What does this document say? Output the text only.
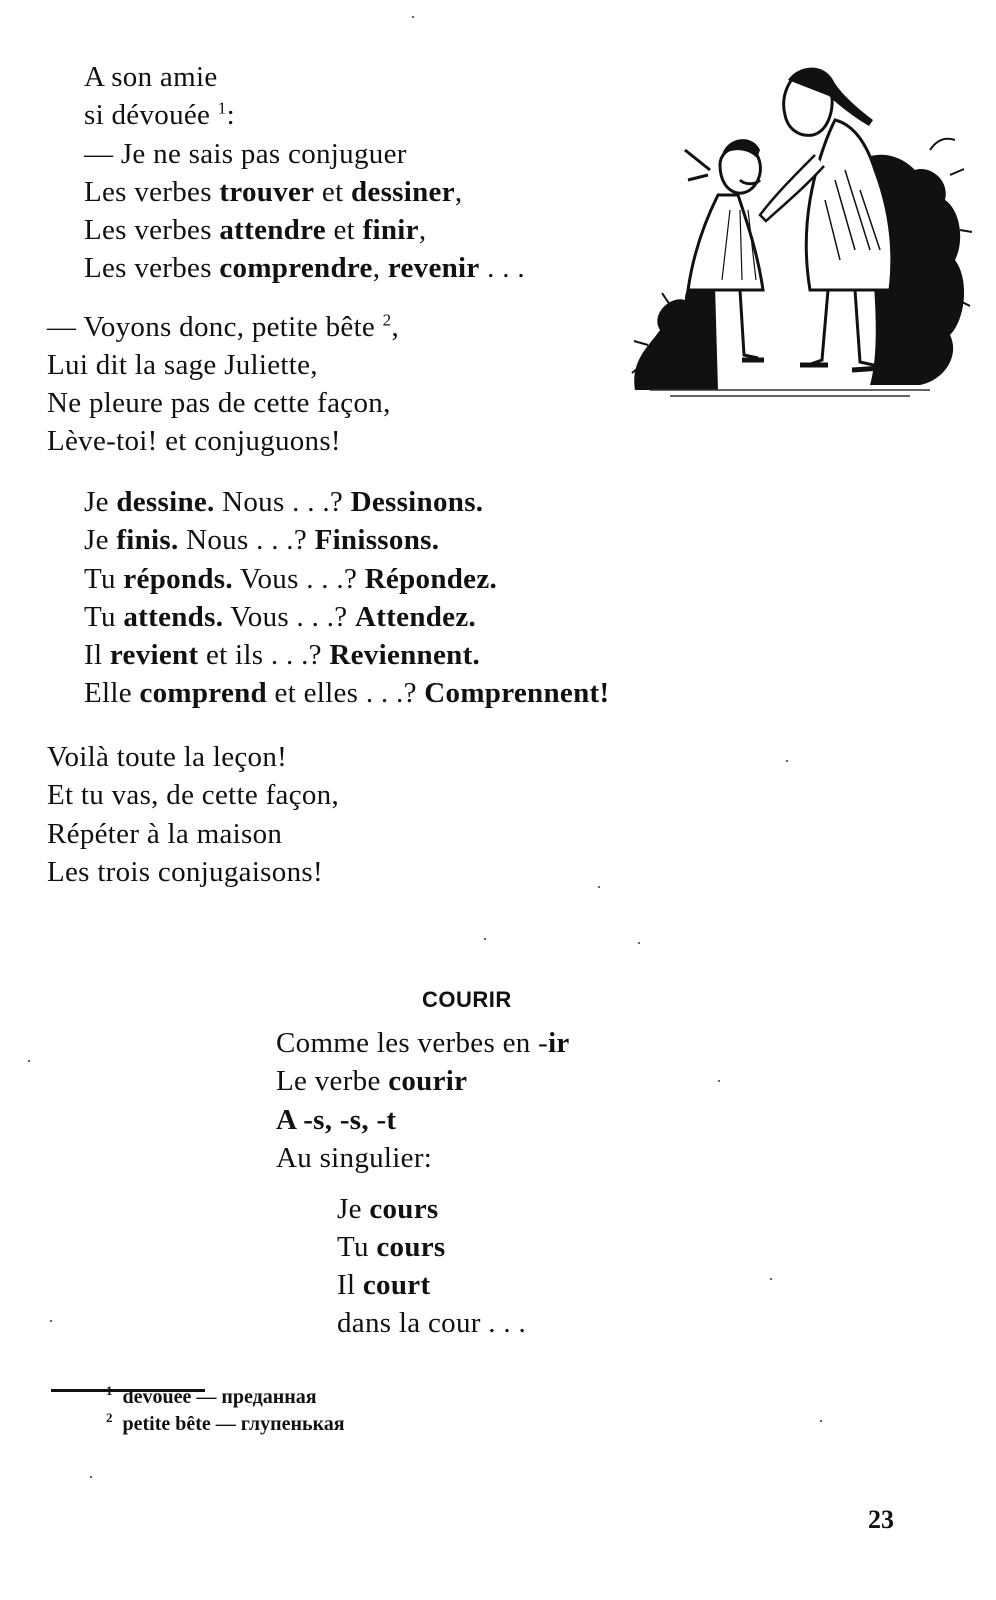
A son amie
si dévouée $^1$:
— Je ne sais pas conjuguer
Les verbes trouver et dessiner,
Les verbes attendre et finir,
Les verbes comprendre, revenir . . .
— Voyons donc, petite bête $^2$,
Lui dit la sage Juliette,
Ne pleure pas de cette façon,
Lève-toi! et conjuguons!
Je dessine. Nous . . .? Dessinons.
Je finis. Nous . . .? Finissons.
Tu réponds. Vous . . .? Répondez.
Tu attends. Vous . . .? Attendez.
Il revient et ils . . .? Reviennent.
Elle comprend et elles . . .? Comprennent!
Voilà toute la leçon!
Et tu vas, de cette façon,
Répéter à la maison
Les trois conjugaisons!
COURIR
Comme les verbes en -ir
Le verbe courir
A -s, -s, -t
Au singulier:
Je cours
Tu cours
Il court
dans la cour . . .
$^1$ dévouée — преданная
$^2$ petite bête — глупенькая
23
